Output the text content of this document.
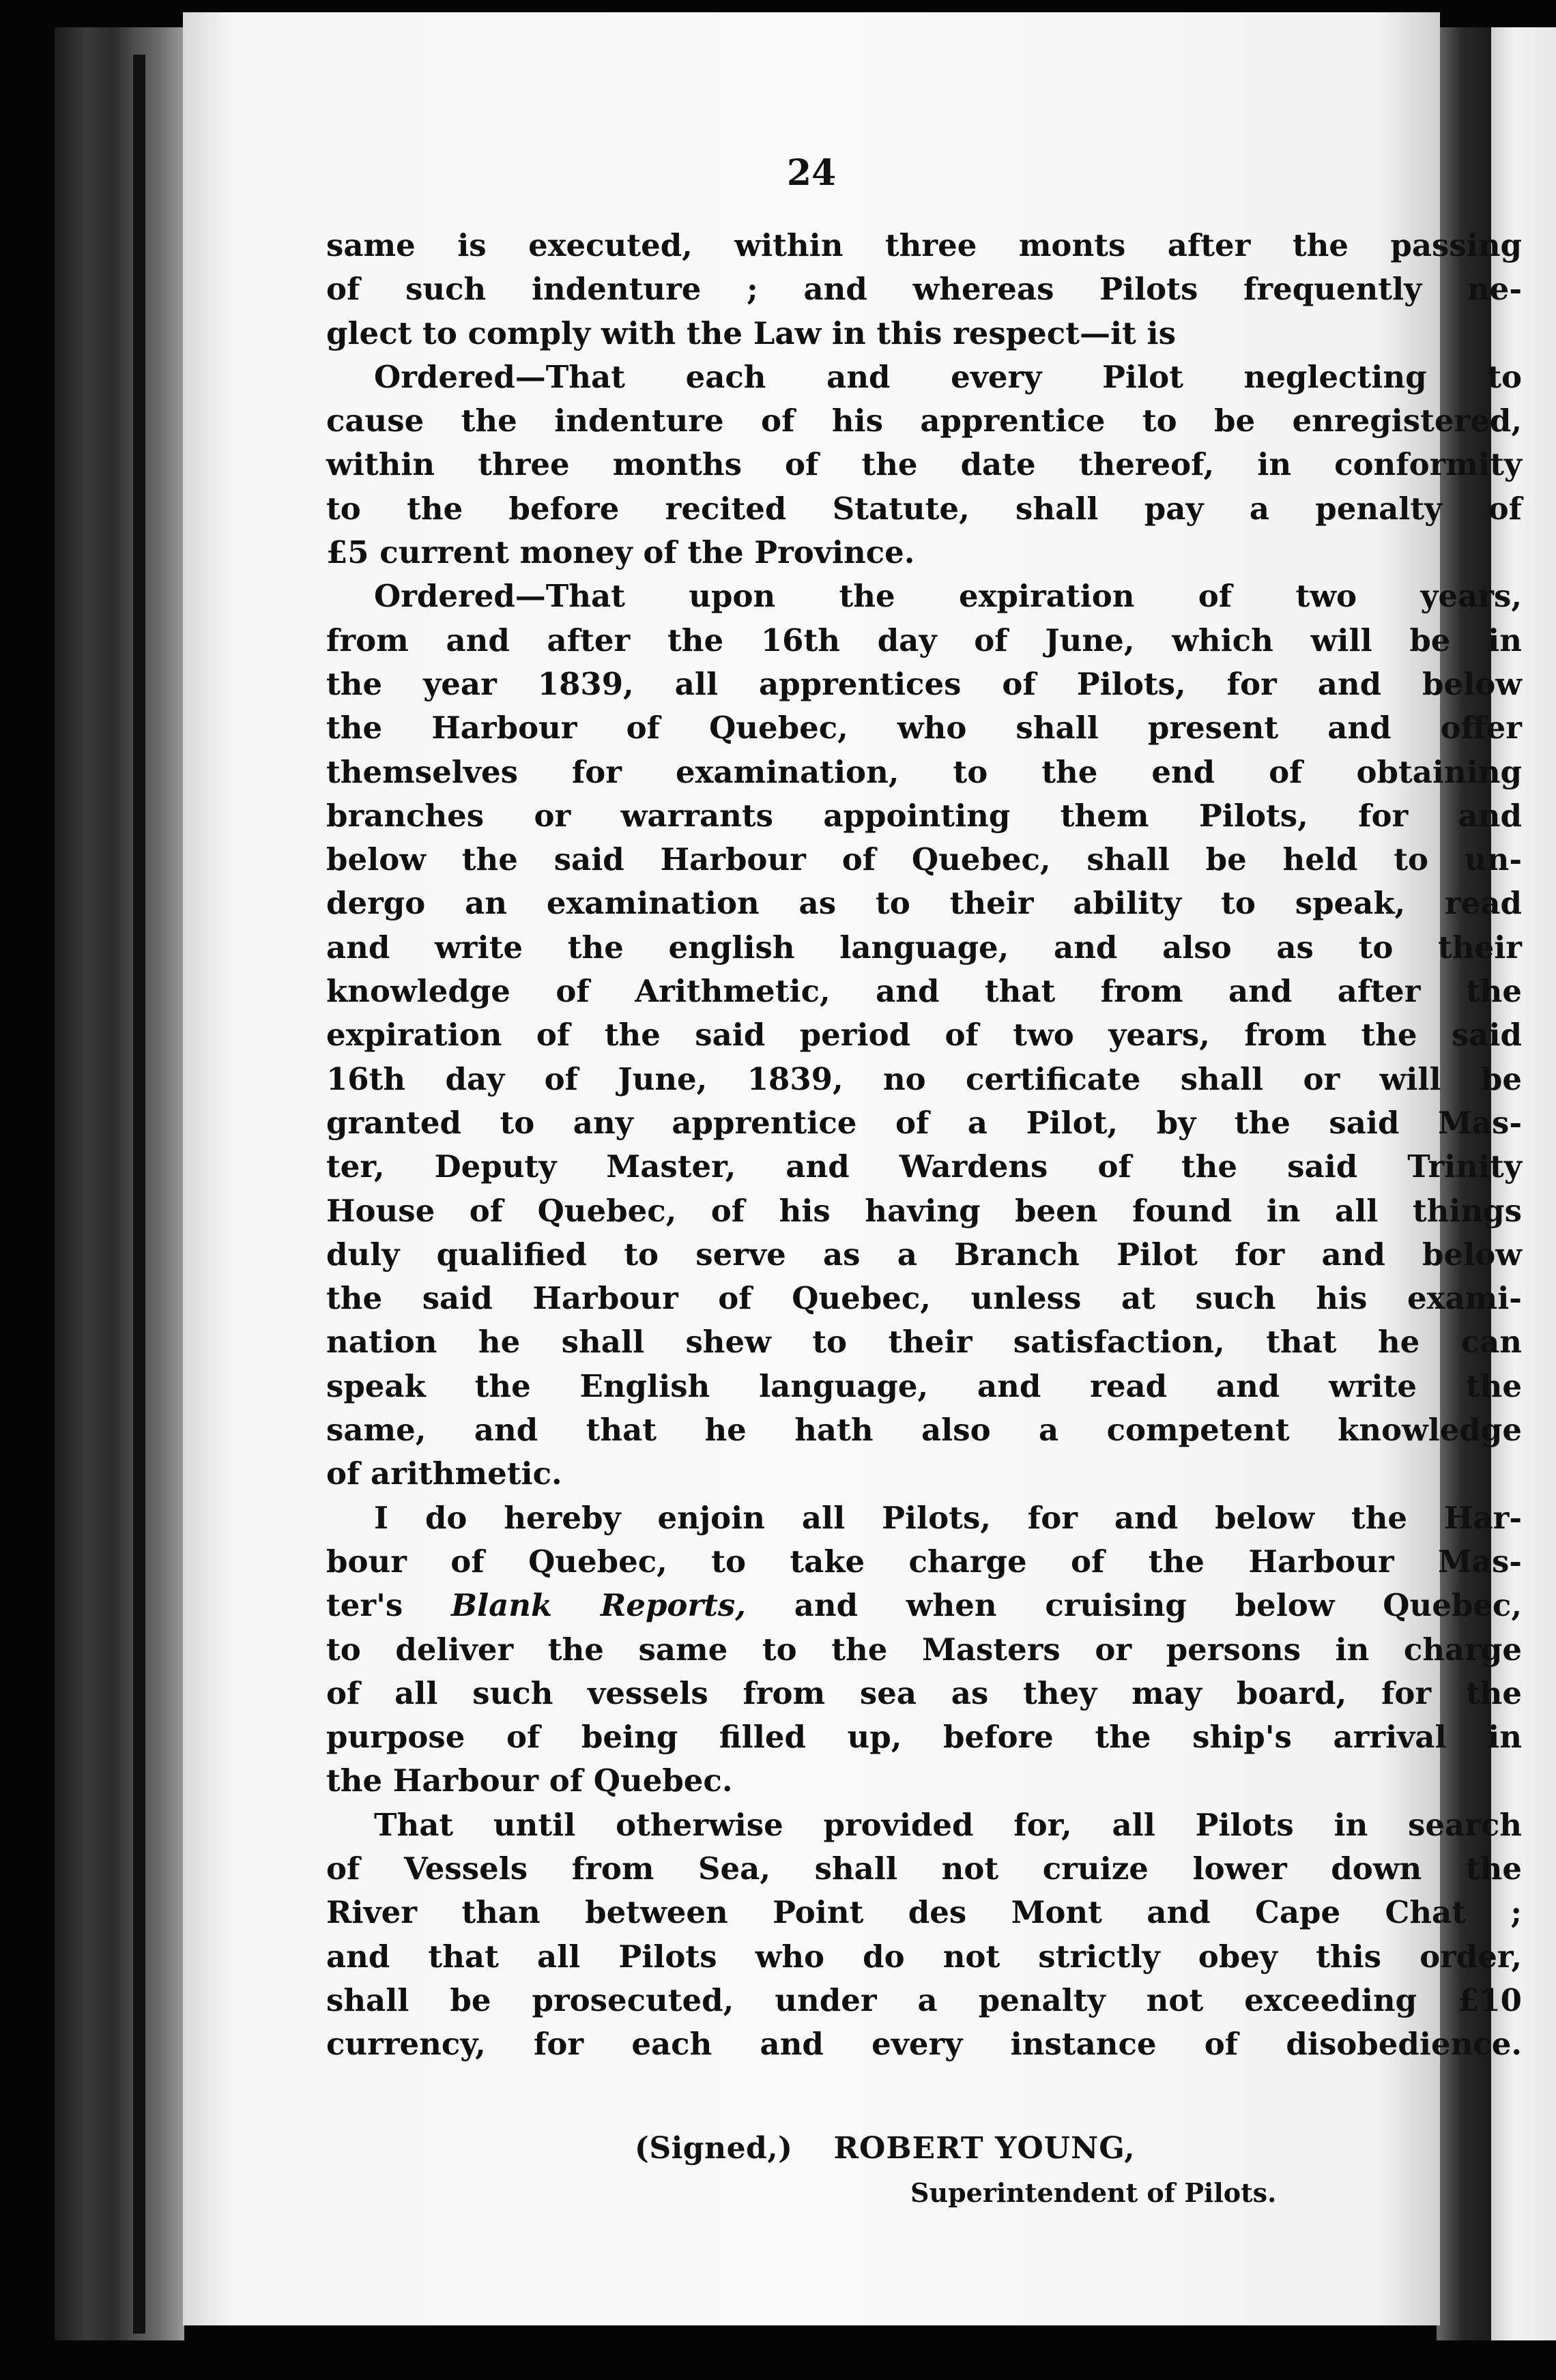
24
same is executed, within three monts after the passing
of such indenture ; and whereas Pilots frequently ne-
glect to comply with the Law in this respect—it is
Ordered—That each and every Pilot neglecting to
cause the indenture of his apprentice to be enregistered,
within three months of the date thereof, in conformity
to the before recited Statute, shall pay a penalty of
£5 current money of the Province.
Ordered—That upon the expiration of two years,
from and after the 16th day of June, which will be in
the year 1839, all apprentices of Pilots, for and below
the Harbour of Quebec, who shall present and offer
themselves for examination, to the end of obtaining
branches or warrants appointing them Pilots, for and
below the said Harbour of Quebec, shall be held to un-
dergo an examination as to their ability to speak, read
and write the english language, and also as to their
knowledge of Arithmetic, and that from and after the
expiration of the said period of two years, from the said
16th day of June, 1839, no certificate shall or will be
granted to any apprentice of a Pilot, by the said Mas-
ter, Deputy Master, and Wardens of the said Trinity
House of Quebec, of his having been found in all things
duly qualified to serve as a Branch Pilot for and below
the said Harbour of Quebec, unless at such his exami-
nation he shall shew to their satisfaction, that he can
speak the English language, and read and write the
same, and that he hath also a competent knowledge
of arithmetic.
I do hereby enjoin all Pilots, for and below the Har-
bour of Quebec, to take charge of the Harbour Mas-
ter's Blank Reports, and when cruising below Quebec,
to deliver the same to the Masters or persons in charge
of all such vessels from sea as they may board, for the
purpose of being filled up, before the ship's arrival in
the Harbour of Quebec.
That until otherwise provided for, all Pilots in search
of Vessels from Sea, shall not cruize lower down the
River than between Point des Mont and Cape Chat ;
and that all Pilots who do not strictly obey this order,
shall be prosecuted, under a penalty not exceeding £10
currency, for each and every instance of disobedience.
(Signed,) ROBERT YOUNG,
Superintendent of Pilots.
